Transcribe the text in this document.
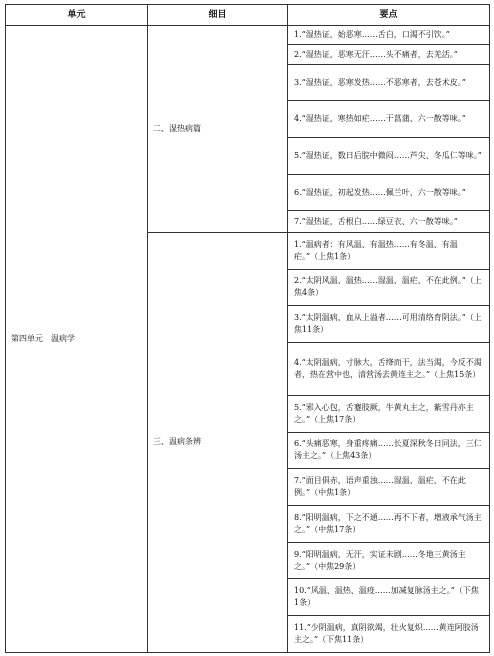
单元	细目	要点
第四单元　温病学	二、湿热病篇	1.“湿热证，始恶寒……舌白，口渴不引饮。”
		2.“湿热证，恶寒无汗……头不痛者，去羌活。”
		3.“湿热证，恶寒发热……不恶寒者，去苍术皮。”
		4.“湿热证，寒热如疟……干菖蒲、六一散等味。”
		5.“湿热证，数日后脘中微闷……芦尖、冬瓜仁等味。”
		6.“湿热证，初起发热……佩兰叶、六一散等味。”
		7.“湿热证，舌根白……绿豆衣、六一散等味。”
	三、温病条辨	1.“温病者：有风温、有温热……有冬温、有温疟。”（上焦1条）
		2.“太阴风温、温热……湿温、温疟，不在此例。”（上焦4条）
		3.“太阴温病，血从上溢者……可用清络育阴法。”（上焦11条）
		4.“太阴温病，寸脉大，舌绛而干，法当渴，今反不渴者，热在营中也，清营汤去黄连主之。”（上焦15条）
		5.“邪入心包，舌蹇肢厥，牛黄丸主之，紫雪丹亦主之。”（上焦17条）
		6.“头痛恶寒，身重疼痛……长夏深秋冬日同法，三仁汤主之。”（上焦43条）
		7.“面目俱赤，语声重浊……湿温、温疟，不在此例。”（中焦1条）
		8.“阳明温病，下之不通……再不下者，增液承气汤主之。”（中焦17条）
		9.“阳明温病，无汗，实证未剧……冬地三黄汤主之。”（中焦29条）
		10.“风温、温热、温疫……加减复脉汤主之。”（下焦1条）
		11.“少阴温病，真阴欲竭，壮火复炽……黄连阿胶汤主之。”（下焦11条）
